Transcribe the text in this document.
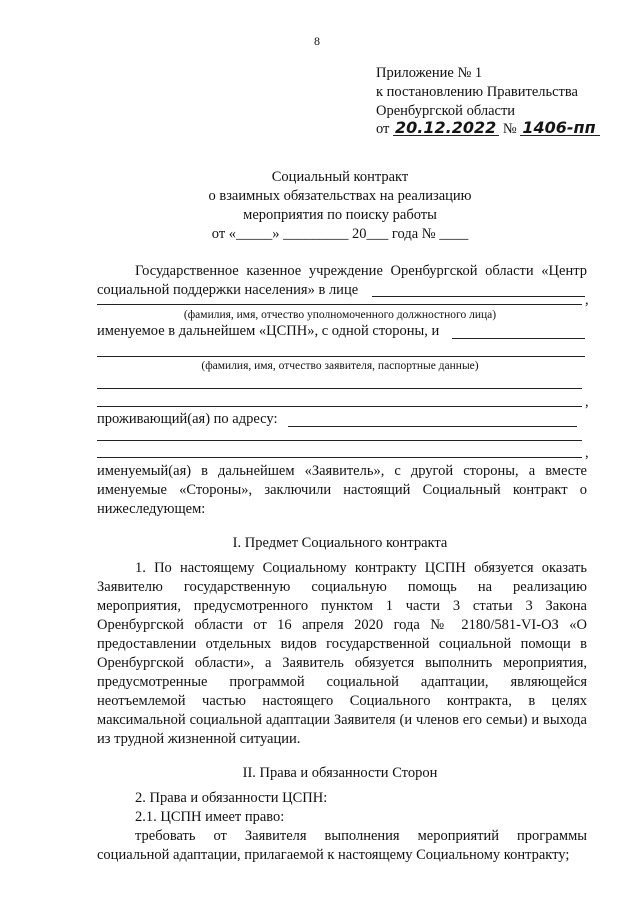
8
Приложение № 1
к постановлению Правительства
Оренбургской области
от 20.12.2022 № 1406-пп
Социальный контракт
о взаимных обязательствах на реализацию
мероприятия по поиску работы
от «_____» _________ 20___ года № ____
Государственное казенное учреждение Оренбургской области «Центр
социальной поддержки населения» в лице
,
(фамилия, имя, отчество уполномоченного должностного лица)
именуемое в дальнейшем «ЦСПН», с одной стороны, и
(фамилия, имя, отчество заявителя, паспортные данные)
,
проживающий(ая) по адресу:
,
именуемый(ая) в дальнейшем «Заявитель», с другой стороны, а вместе
именуемые «Стороны», заключили настоящий Социальный контракт о
нижеследующем:
I. Предмет Социального контракта
1. По настоящему Социальному контракту ЦСПН обязуется оказать
Заявителю государственную социальную помощь на реализацию
мероприятия, предусмотренного пунктом 1 части 3 статьи 3 Закона
Оренбургской области от 16 апреля 2020 года № 2180/581-VI-ОЗ «О
предоставлении отдельных видов государственной социальной помощи в
Оренбургской области», а Заявитель обязуется выполнить мероприятия,
предусмотренные программой социальной адаптации, являющейся
неотъемлемой частью настоящего Социального контракта, в целях
максимальной социальной адаптации Заявителя (и членов его семьи) и выхода
из трудной жизненной ситуации.
II. Права и обязанности Сторон
2. Права и обязанности ЦСПН:
2.1. ЦСПН имеет право:
требовать от Заявителя выполнения мероприятий программы
социальной адаптации, прилагаемой к настоящему Социальному контракту;
